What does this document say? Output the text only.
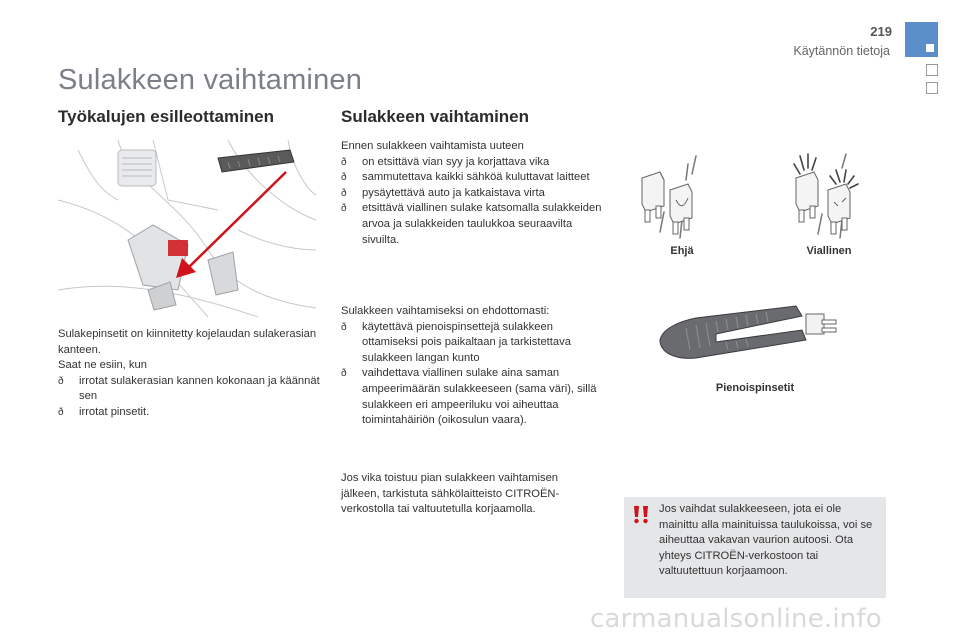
219
Käytännön tietoja
Sulakkeen vaihtaminen
Työkalujen esilleottaminen
Sulakepinsetit on kiinnitetty kojelaudan sulakerasian kanteen.
Saat ne esiin, kun
ð irrotat sulakerasian kannen kokonaan ja käännät sen
ð irrotat pinsetit.
Sulakkeen vaihtaminen
Ennen sulakkeen vaihtamista uuteen
ð on etsittävä vian syy ja korjattava vika
ð sammutettava kaikki sähköä kuluttavat laitteet
ð pysäytettävä auto ja katkaistava virta
ð etsittävä viallinen sulake katsomalla sulakkeiden arvoa ja sulakkeiden taulukkoa seuraavilta sivuilta.
Sulakkeen vaihtamiseksi on ehdottomasti:
ð käytettävä pienoispinsettejä sulakkeen ottamiseksi pois paikaltaan ja tarkistettava sulakkeen langan kunto
ð vaihdettava viallinen sulake aina saman ampeerimäärän sulakkeeseen (sama väri), sillä sulakkeen eri ampeeriluku voi aiheuttaa toimintahäiriön (oikosulun vaara).
Jos vika toistuu pian sulakkeen vaihtamisen jälkeen, tarkistuta sähkölaitteisto CITROËN-verkostolla tai valtuutetulla korjaamolla.
Ehjä	Viallinen
Pienoispinsetit
Jos vaihdat sulakkeeseen, jota ei ole mainittu alla mainituissa taulukoissa, voi se aiheuttaa vakavan vaurion autoosi. Ota yhteys CITROËN-verkostoon tai valtuutettuun korjaamoon.
carmanualsonline.info
